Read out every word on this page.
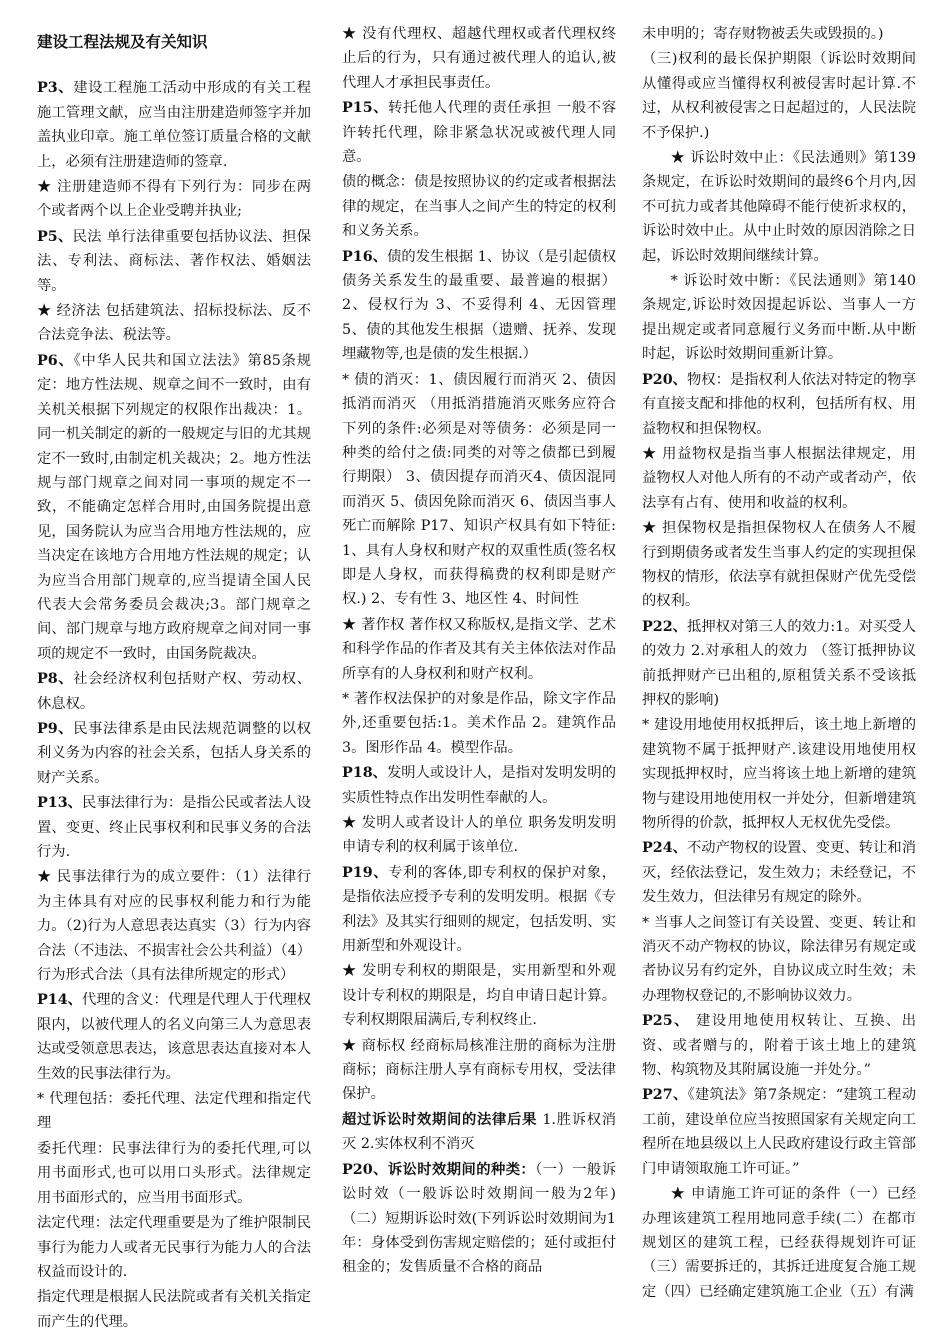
建设工程法规及有关知识
P3、建设工程施工活动中形成的有关工程施工管理文献，应当由注册建造师签字并加盖执业印章。施工单位签订质量合格的文献上，必须有注册建造师的签章.
★ 注册建造师不得有下列行为：同步在两个或者两个以上企业受聘并执业;
P5、民法 单行法律重要包括协议法、担保法、专利法、商标法、著作权法、婚姻法等。
★ 经济法 包括建筑法、招标投标法、反不合法竞争法、税法等。
P6、《中华人民共和国立法法》第85条规定：地方性法规、规章之间不一致时，由有关机关根据下列规定的权限作出裁决：1。同一机关制定的新的一般规定与旧的尤其规定不一致时,由制定机关裁决；2。地方性法规与部门规章之间对同一事项的规定不一致，不能确定怎样合用时,由国务院提出意见，国务院认为应当合用地方性法规的，应当决定在该地方合用地方性法规的规定；认为应当合用部门规章的,应当提请全国人民代表大会常务委员会裁决;3。部门规章之间、部门规章与地方政府规章之间对同一事项的规定不一致时，由国务院裁决。
P8、社会经济权利包括财产权、劳动权、休息权。
P9、民事法律系是由民法规范调整的以权利义务为内容的社会关系，包括人身关系的财产关系。
P13、民事法律行为：是指公民或者法人设置、变更、终止民事权利和民事义务的合法行为.
★ 民事法律行为的成立要件：（1）法律行为主体具有对应的民事权利能力和行为能力。（2)行为人意思表达真实（3）行为内容合法（不违法、不损害社会公共利益）（4）行为形式合法（具有法律所规定的形式）
P14、代理的含义：代理是代理人于代理权限内，以被代理人的名义向第三人为意思表达或受领意思表达，该意思表达直接对本人生效的民事法律行为。
* 代理包括：委托代理、法定代理和指定代理
委托代理：民事法律行为的委托代理,可以用书面形式,也可以用口头形式。法律规定用书面形式的，应当用书面形式。
法定代理：法定代理重要是为了维护限制民事行为能力人或者无民事行为能力人的合法权益而设计的.
指定代理是根据人民法院或者有关机关指定而产生的代理。
★ 没有代理权、超越代理权或者代理权终止后的行为，只有通过被代理人的追认,被代理人才承担民事责任。
P15、转托他人代理的责任承担 一般不容许转托代理，除非紧急状况或被代理人同意。
债的概念：债是按照协议的约定或者根据法律的规定，在当事人之间产生的特定的权利和义务关系。
P16、债的发生根据 1、协议（是引起债权债务关系发生的最重要、最普遍的根据）2、侵权行为 3、不妥得利 4、无因管理 5、债的其他发生根据（遗赠、抚养、发现埋藏物等,也是债的发生根据.）
* 债的消灭：1、债因履行而消灭 2、债因抵消而消灭 （用抵消措施消灭账务应符合下列的条件:必须是对等债务：必须是同一种类的给付之债:同类的对等之债都已到履行期限） 3、债因提存而消灭4、债因混同而消灭 5、债因免除而消灭 6、债因当事人死亡而解除 P17、知识产权具有如下特征:1、具有人身权和财产权的双重性质(签名权即是人身权，而获得稿费的权利即是财产权.) 2、专有性 3、地区性 4、时间性
★ 著作权 著作权又称版权,是指文学、艺术和科学作品的作者及其有关主体依法对作品所享有的人身权利和财产权利。
* 著作权法保护的对象是作品，除文字作品外,还重要包括:1。美术作品 2。建筑作品 3。图形作品 4。模型作品。
P18、发明人或设计人，是指对发明发明的实质性特点作出发明性奉献的人。
★ 发明人或者设计人的单位 职务发明发明申请专利的权利属于该单位.
P19、专利的客体,即专利权的保护对象，是指依法应授予专利的发明发明。根据《专利法》及其实行细则的规定，包括发明、实用新型和外观设计。
★ 发明专利权的期限是，实用新型和外观设计专利权的期限是，均自申请日起计算。专利权期限届满后,专利权终止.
★ 商标权 经商标局核准注册的商标为注册商标；商标注册人享有商标专用权，受法律保护。
超过诉讼时效期间的法律后果 1.胜诉权消灭 2.实体权利不消灭
P20、诉讼时效期间的种类：（一）一般诉讼时效（一般诉讼时效期间一般为2年)（二）短期诉讼时效(下列诉讼时效期间为1年：身体受到伤害规定赔偿的；延付或拒付租金的；发售质量不合格的商品
未申明的；寄存财物被丢失或毁损的。)
（三)权利的最长保护期限（诉讼时效期间从懂得或应当懂得权利被侵害时起计算.不过，从权利被侵害之日起超过的，人民法院不予保护.)
★ 诉讼时效中止：《民法通则》第139条规定，在诉讼时效期间的最终6个月内,因不可抗力或者其他障碍不能行使祈求权的，诉讼时效中止。从中止时效的原因消除之日起，诉讼时效期间继续计算。
* 诉讼时效中断：《民法通则》第140条规定,诉讼时效因提起诉讼、当事人一方提出规定或者同意履行义务而中断.从中断时起，诉讼时效期间重新计算。
P20、物权：是指权利人依法对特定的物享有直接支配和排他的权利，包括所有权、用益物权和担保物权。
★ 用益物权是指当事人根据法律规定，用益物权人对他人所有的不动产或者动产，依法享有占有、使用和收益的权利。
★ 担保物权是指担保物权人在债务人不履行到期债务或者发生当事人约定的实现担保物权的情形，依法享有就担保财产优先受偿的权利。
P22、抵押权对第三人的效力:1。对买受人的效力 2.对承租人的效力 （签订抵押协议前抵押财产已出租的,原租赁关系不受该抵押权的影响)
* 建设用地使用权抵押后，该土地上新增的建筑物不属于抵押财产.该建设用地使用权实现抵押权时，应当将该土地上新增的建筑物与建设用地使用权一并处分，但新增建筑物所得的价款，抵押权人无权优先受偿。
P24、不动产物权的设置、变更、转让和消灭，经依法登记，发生效力；未经登记，不发生效力，但法律另有规定的除外。
* 当事人之间签订有关设置、变更、转让和消灭不动产物权的协议，除法律另有规定或者协议另有约定外，自协议成立时生效；未办理物权登记的,不影响协议效力。
P25、 建设用地使用权转让、互换、出资、或者赠与的，附着于该土地上的建筑物、构筑物及其附属设施一并处分。”
P27、《建筑法》第7条规定：“建筑工程动工前，建设单位应当按照国家有关规定向工程所在地县级以上人民政府建设行政主管部门申请领取施工许可证。”
★ 申请施工许可证的条件（一）已经办理该建筑工程用地同意手续(二）在都市规划区的建筑工程，已经获得规划许可证（三）需要拆迁的，其拆迁进度复合施工规定（四）已经确定建筑施工企业（五）有满
